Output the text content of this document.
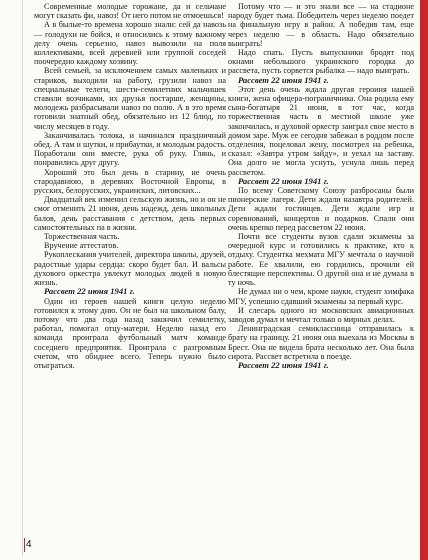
Современные молодые горожане, да и сельчане могут сказать фи, навоз! От него потом не отмоешься!

А в былые-то времена хорошо знали: сей да навозь — голодухи не бойся, и относились к этому важному делу очень серьезно, навоз вывозили на поля коллективами, всей деревней или группой соседей поочередно каждому хозяину.

Всей семьей, за исключением самых маленьких и стариков, выходили на работу, грузили навоз на специальные телеги, шести-семилетних мальчишек ставили возчиками, их друзья постарше, женщины, молодежь разбрасывали навоз по полю. А в это время готовили знатный обед, обязательно из 12 блюд, по числу месяцев в году.

Заканчивалась толока, и начинался праздничный обед. А там и шутки, и прибаутки, и молодым радость. Поработали они вместе, рука об руку. Глянь, и понравились друг другу.

Хороший это был день в старину, не очень стародавнюю, в деревнях Восточной Европы, в русских, белорусских, украинских, литовских...

Двадцатый век изменил сельскую жизнь, но и он не смог отменить 21 июня, день надежд, день школьных балов, день расставания с детством, день первых самостоятельных па в жизни.

Торжественная часть.

Вручение аттестатов.

Рукоплескания учителей, директора школы, друзей, радостные удары сердца: скоро будет бал. И вальсы духового оркестра увлекут молодых людей в новую жизнь.

Рассвет 22 июня 1941 г.

Один из героев нашей книги целую неделю готовился к этому дню. Он не был на школьном балу, потому что два года назад закончил семилетку, работал, помогал отцу-матери. Неделю назад его команда проиграла футбольный матч команде соседнего предприятия. Проиграла с разгромным счетом, что обиднее всего. Теперь нужно было отыграться.

Потому что — и это знали все — на стадионе народу будет тьма. Победитель через неделю поедет на финальную игру в район. А победив там, еще через неделю — в область. Надо обязательно выиграть!

Надо спать. Пусть выпускники бродят под окнами небольшого украинского городка до рассвета, пусть сорвется рыбалка — надо выиграть.

Рассвет 22 июня 1941 г.

Этот день очень ждала другая героиня нашей книги, жена офицера-пограничника. Она родила ему сына-богатыря 21 июня, в тот час, когда торжественная часть в местной школе уже закончилась, и духовой оркестр заиграл свое место в домом заре. Муж ее сегодня забежал в роддом после отделения, поцеловал жену, посмотрел на ребенка, сказал: «Завтра утром зайду», и уехал на заставу. Она долго не могла уснуть, уснула лишь перед рассветом.

Рассвет 22 июня 1941 г.

По всему Советскому Союзу разбросаны были пионерские лагеря. Дети ждали назавтра родителей. Дети ждали гостинцев. Дети ждали игр и соревнований, концертов и подарков. Спали они очень крепко перед рассветом 22 июня.

Почти все студенты вузов сдали экзамены за очередной курс и готовились к практике, кто к отдыху. Студентка мехмата МГУ мечтала о научной работе. Ее хвалили, ею гордились, прочили ей блестящие перспективы. О другой она и не думала в ту ночь.

Не думал ни о чем, кроме науки, студент химфака МГУ, успешно сдавший экзамены за первый курс.

И слесарь одного из московских авиационных заводов думал и мечтал только о мирных делах.

Ленинградская семиклассница отправилась к брату на границу. 21 июня она выехала из Москвы в Брест. Она не видела брата несколько лет. Она была сирота. Рассвет встретила в поезде.

Рассвет 22 июня 1941 г.

4
